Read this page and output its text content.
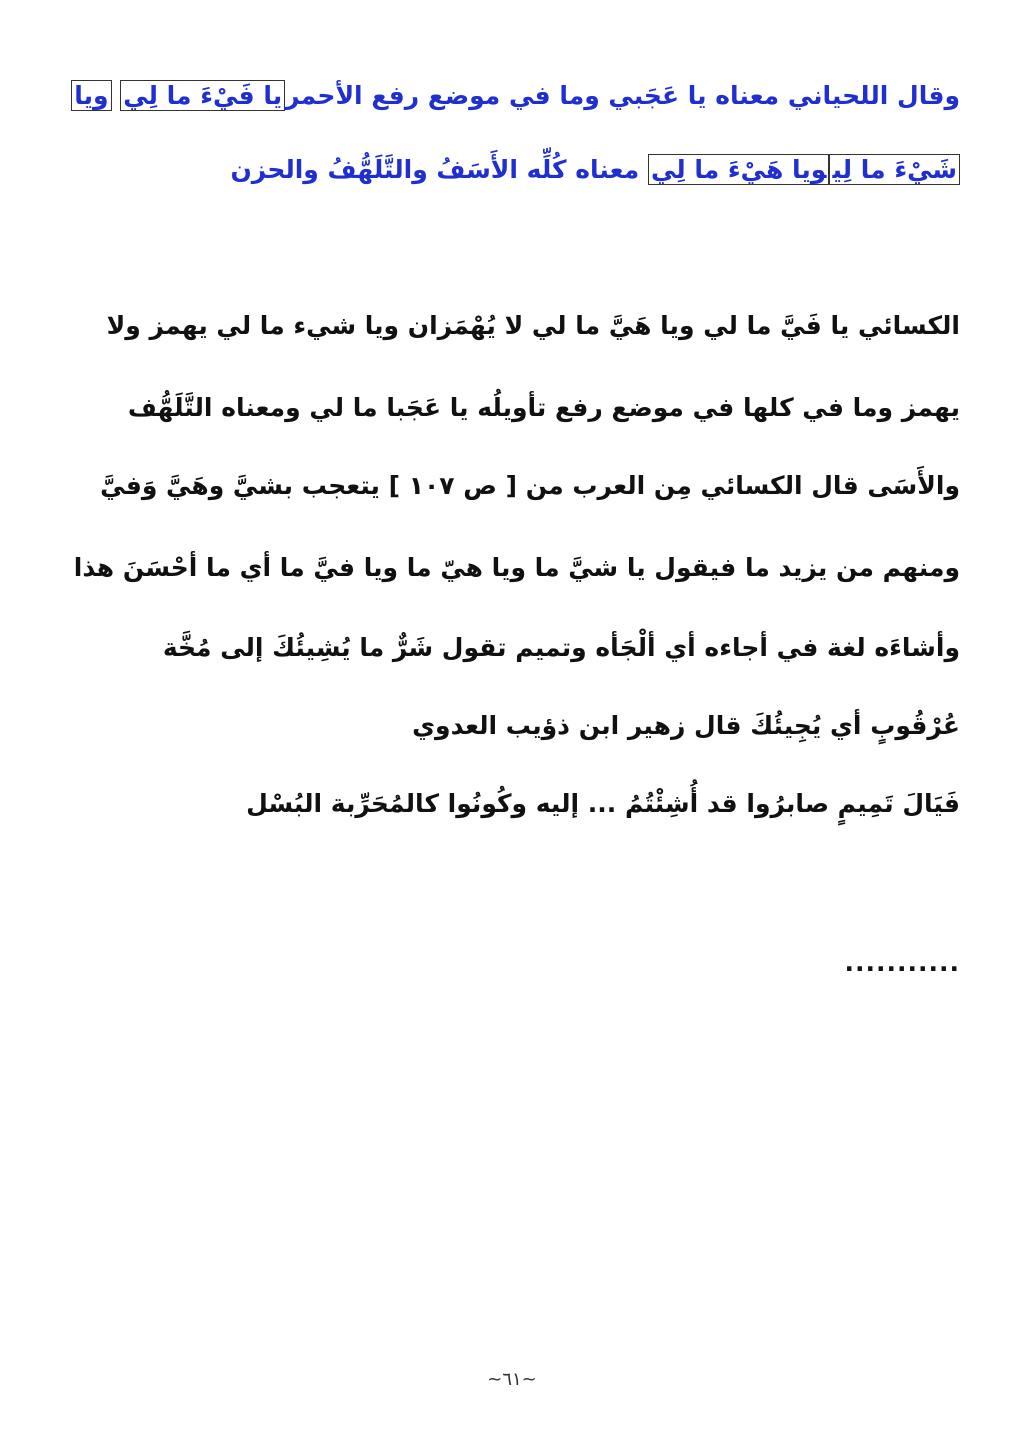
وقال اللحياني معناه يا عَجَبي وما في موضع رفع الأحمريا فَيْءَ ما لِي ويا
شَيْءَ ما لِيويا هَيْءَ ما لِي معناه كُلِّه الأَسَفُ والتَّلَهُّفُ والحزن
الكسائي يا فَيَّ ما لي ويا هَيَّ ما لي لا يُهْمَزان ويا شيء ما لي يهمز ولا
يهمز وما في كلها في موضع رفع تأويلُه يا عَجَبا ما لي ومعناه التَّلَهُّف
والأَسَى قال الكسائي مِن العرب من [ ص ١٠٧ ] يتعجب بشيَّ وهَيَّ وَفيَّ
ومنهم من يزيد ما فيقول يا شيَّ ما ويا هيّ ما ويا فيَّ ما أي ما أحْسَنَ هذا
وأشاءَه لغة في أجاءه أي ألْجَأه وتميم تقول شَرٌّ ما يُشِيئُكَ إلى مُخَّة
عُرْقُوبٍ أي يُجِيئُكَ قال زهير ابن ذؤيب العدوي
فَيَالَ تَمِيمٍ صابرُوا قد أُشِئْتُمُ ... إليه وكُونُوا كالمُحَرِّبة البُسْل
...........
~٦١~
